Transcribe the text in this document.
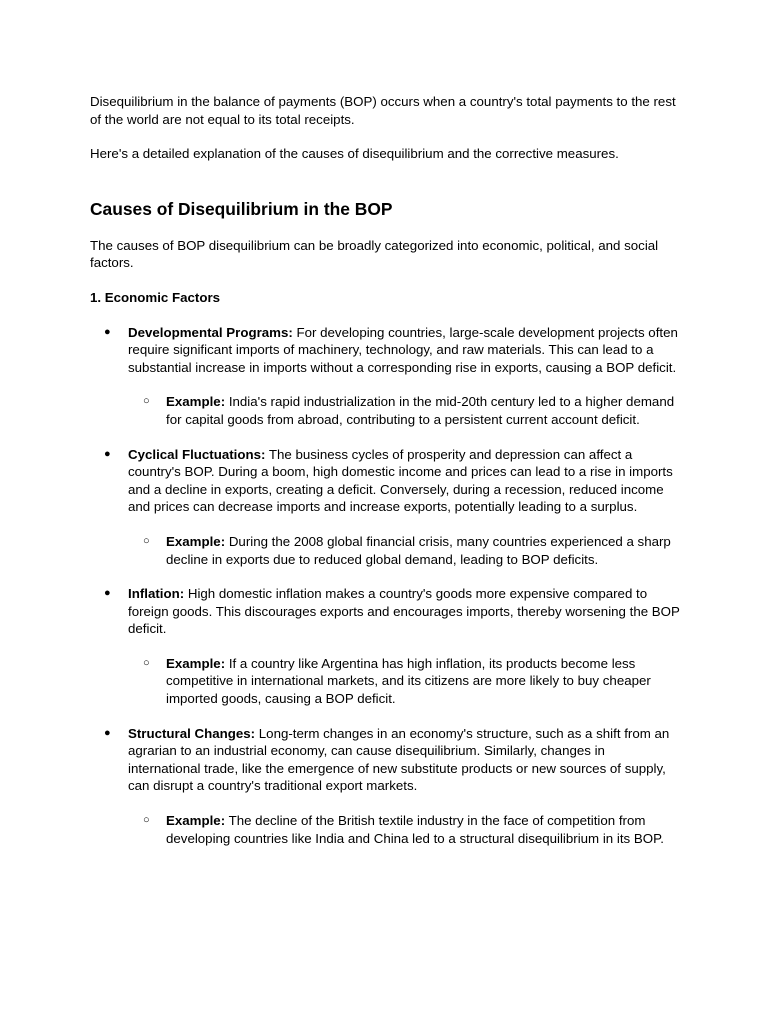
Disequilibrium in the balance of payments (BOP) occurs when a country's total payments to the rest of the world are not equal to its total receipts.

Here's a detailed explanation of the causes of disequilibrium and the corrective measures.

Causes of Disequilibrium in the BOP

The causes of BOP disequilibrium can be broadly categorized into economic, political, and social factors.

1. Economic Factors

● Developmental Programs: For developing countries, large-scale development projects often require significant imports of machinery, technology, and raw materials. This can lead to a substantial increase in imports without a corresponding rise in exports, causing a BOP deficit.

○ Example: India's rapid industrialization in the mid-20th century led to a higher demand for capital goods from abroad, contributing to a persistent current account deficit.

● Cyclical Fluctuations: The business cycles of prosperity and depression can affect a country's BOP. During a boom, high domestic income and prices can lead to a rise in imports and a decline in exports, creating a deficit. Conversely, during a recession, reduced income and prices can decrease imports and increase exports, potentially leading to a surplus.

○ Example: During the 2008 global financial crisis, many countries experienced a sharp decline in exports due to reduced global demand, leading to BOP deficits.

● Inflation: High domestic inflation makes a country's goods more expensive compared to foreign goods. This discourages exports and encourages imports, thereby worsening the BOP deficit.

○ Example: If a country like Argentina has high inflation, its products become less competitive in international markets, and its citizens are more likely to buy cheaper imported goods, causing a BOP deficit.

● Structural Changes: Long-term changes in an economy's structure, such as a shift from an agrarian to an industrial economy, can cause disequilibrium. Similarly, changes in international trade, like the emergence of new substitute products or new sources of supply, can disrupt a country's traditional export markets.

○ Example: The decline of the British textile industry in the face of competition from developing countries like India and China led to a structural disequilibrium in its BOP.
